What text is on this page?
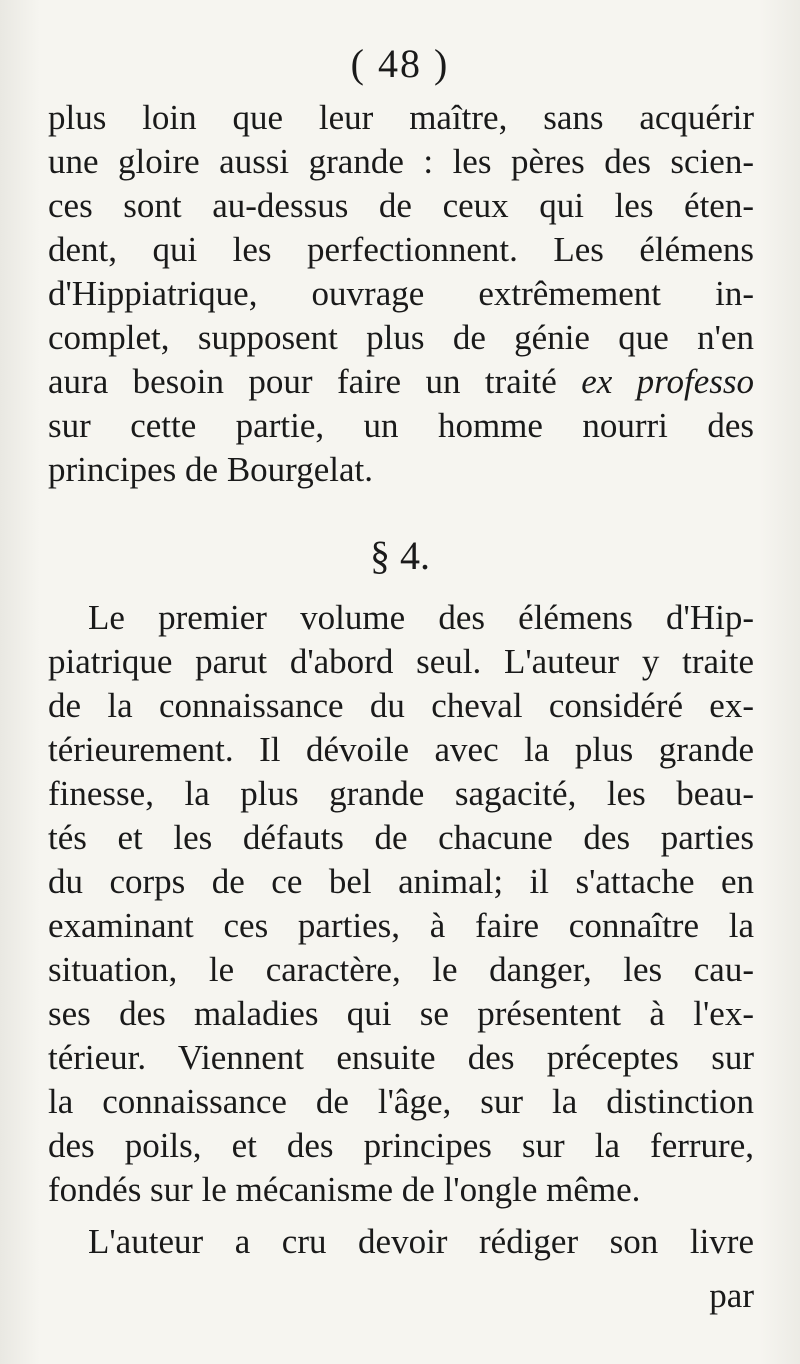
( 48 )
plus loin que leur maître, sans acquérir
une gloire aussi grande : les pères des scien-
ces sont au-dessus de ceux qui les éten-
dent, qui les perfectionnent. Les élémens
d'Hippiatrique, ouvrage extrêmement in-
complet, supposent plus de génie que n'en
aura besoin pour faire un traité ex professo
sur cette partie, un homme nourri des
principes de Bourgelat.
§ 4.
Le premier volume des élémens d'Hip-
piatrique parut d'abord seul. L'auteur y traite
de la connaissance du cheval considéré ex-
térieurement. Il dévoile avec la plus grande
finesse, la plus grande sagacité, les beau-
tés et les défauts de chacune des parties
du corps de ce bel animal; il s'attache en
examinant ces parties, à faire connaître la
situation, le caractère, le danger, les cau-
ses des maladies qui se présentent à l'ex-
térieur. Viennent ensuite des préceptes sur
la connaissance de l'âge, sur la distinction
des poils, et des principes sur la ferrure,
fondés sur le mécanisme de l'ongle même.
L'auteur a cru devoir rédiger son livre
par
